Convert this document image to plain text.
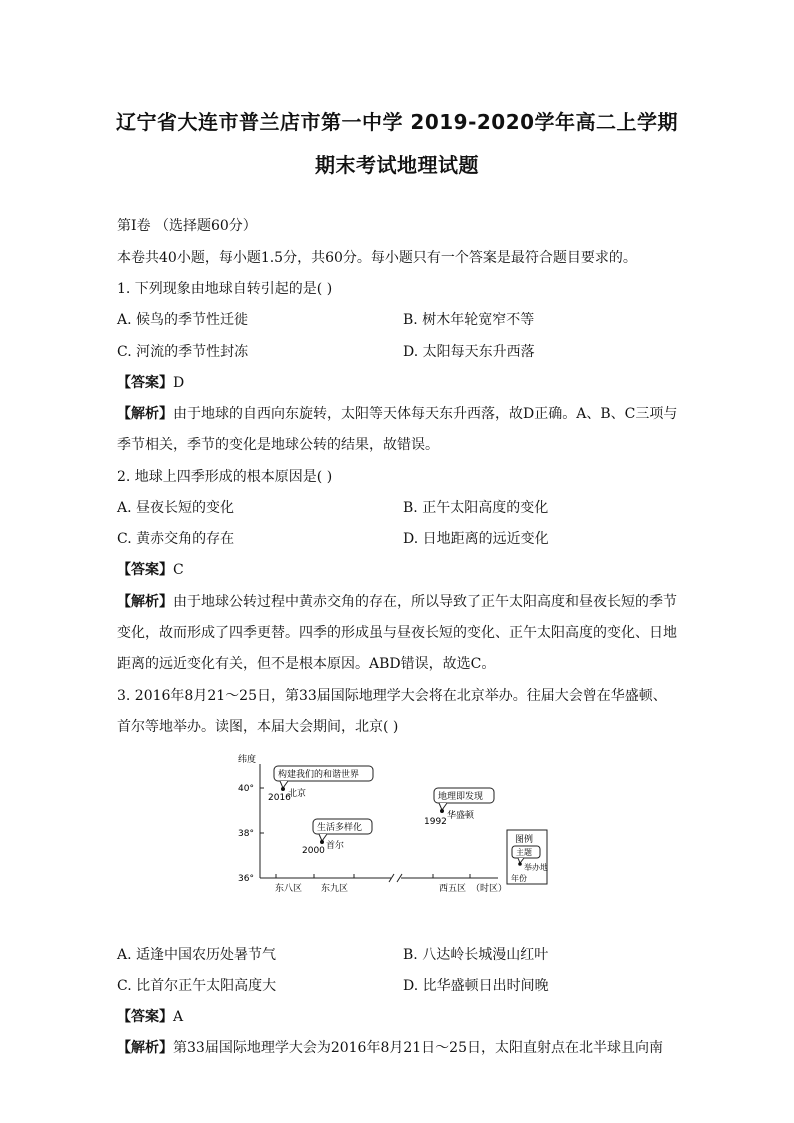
辽宁省大连市普兰店市第一中学 2019-2020学年高二上学期
期末考试地理试题
第Ⅰ卷 （选择题60分）
本卷共40小题，每小题1.5分，共60分。每小题只有一个答案是最符合题目要求的。
1. 下列现象由地球自转引起的是( )
A. 候鸟的季节性迁徙	B. 树木年轮宽窄不等
C. 河流的季节性封冻	D. 太阳每天东升西落
【答案】D
【解析】由于地球的自西向东旋转，太阳等天体每天东升西落，故D正确。A、B、C三项与
季节相关，季节的变化是地球公转的结果，故错误。
2. 地球上四季形成的根本原因是( )
A. 昼夜长短的变化	B. 正午太阳高度的变化
C. 黄赤交角的存在	D. 日地距离的远近变化
【答案】C
【解析】由于地球公转过程中黄赤交角的存在，所以导致了正午太阳高度和昼夜长短的季节
变化，故而形成了四季更替。四季的形成虽与昼夜长短的变化、正午太阳高度的变化、日地
距离的远近变化有关，但不是根本原因。ABD错误，故选C。
3. 2016年8月21～25日，第33届国际地理学大会将在北京举办。往届大会曾在华盛顿、
首尔等地举办。读图，本届大会期间，北京( )
纬度
40°
38°
36°
东八区 东九区	西五区 （时区）
构建我们的和谐世界
2016
北京
生活多样化
2000 首尔
地理即发现
1992
华盛顿
图例
主题
举办地
年份
A. 适逢中国农历处暑节气	B. 八达岭长城漫山红叶
C. 比首尔正午太阳高度大	D. 比华盛顿日出时间晚
【答案】A
【解析】第33届国际地理学大会为2016年8月21日～25日，太阳直射点在北半球且向南
